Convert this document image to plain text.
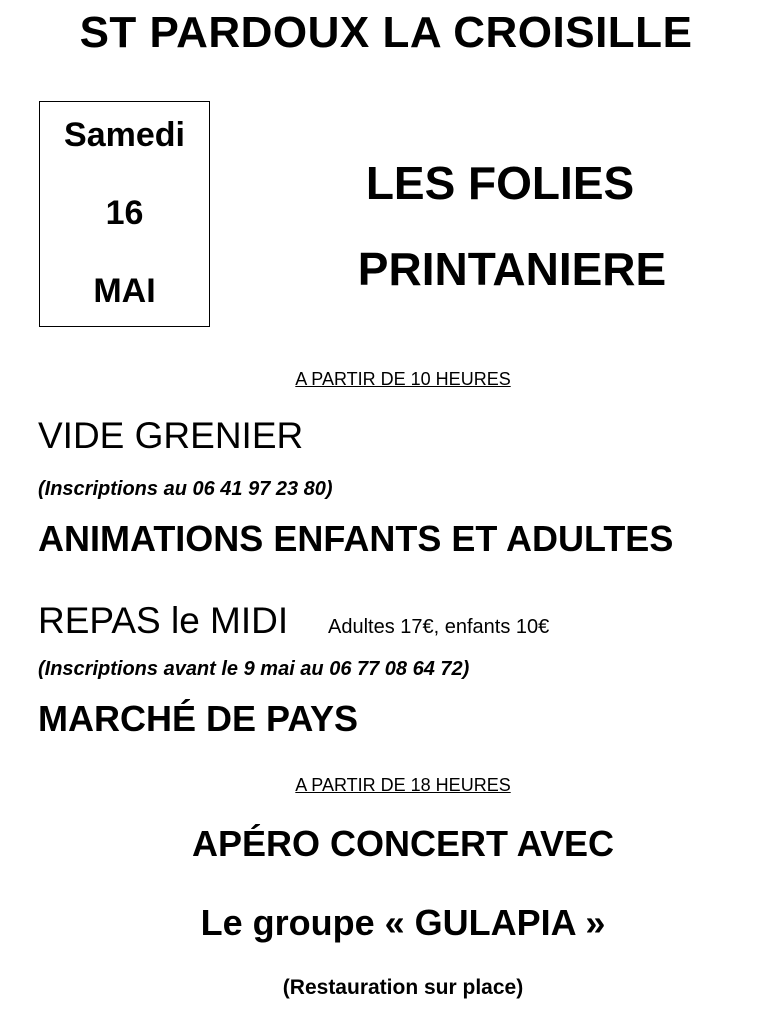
ST PARDOUX LA CROISILLE
Samedi
16
MAI
LES FOLIES
PRINTANIERE
A PARTIR DE 10 HEURES
VIDE GRENIER
(Inscriptions au 06 41 97 23 80)
ANIMATIONS ENFANTS ET ADULTES
REPAS le MIDI Adultes 17€, enfants 10€
(Inscriptions avant le 9 mai au 06 77 08 64 72)
MARCHÉ DE PAYS
A PARTIR DE 18 HEURES
APÉRO CONCERT AVEC
Le groupe « GULAPIA »
(Restauration sur place)
